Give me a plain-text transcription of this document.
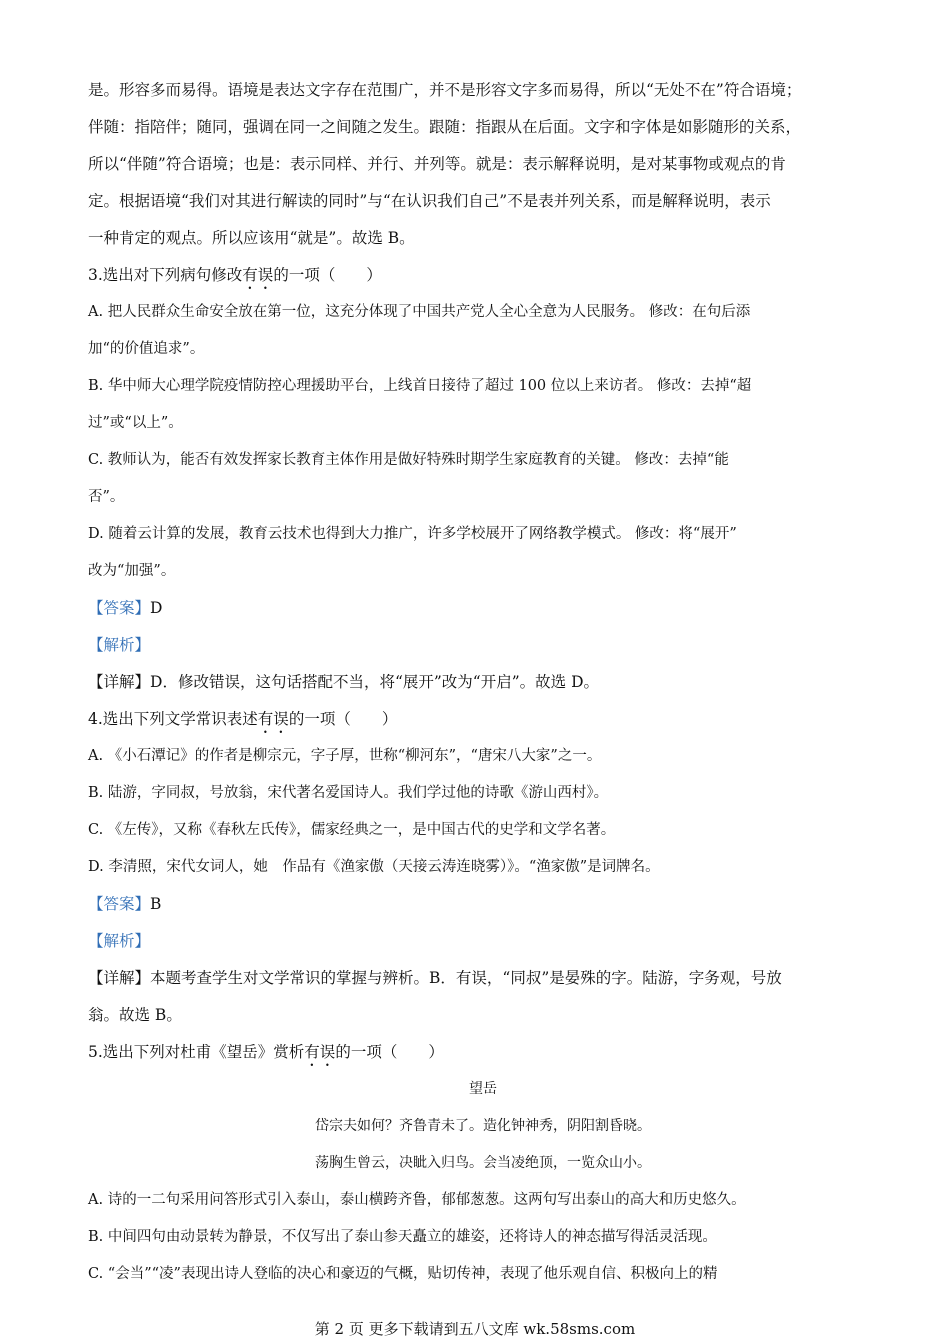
是。形容多而易得。语境是表达文字存在范围广，并不是形容文字多而易得，所以“无处不在”符合语境；
伴随：指陪伴；随同，强调在同一之间随之发生。跟随：指跟从在后面。文字和字体是如影随形的关系，
所以“伴随”符合语境；也是：表示同样、并行、并列等。就是：表示解释说明，是对某事物或观点的肯
定。根据语境“我们对其进行解读的同时”与“在认识我们自己”不是表并列关系，而是解释说明，表示
一种肯定的观点。所以应该用“就是”。故选 B。
3.选出对下列病句修改有误的一项（　　）
A. 把人民群众生命安全放在第一位，这充分体现了中国共产党人全心全意为人民服务。 修改：在句后添
加“的价值追求”。
B. 华中师大心理学院疫情防控心理援助平台，上线首日接待了超过 100 位以上来访者。 修改：去掉“超
过”或“以上”。
C. 教师认为，能否有效发挥家长教育主体作用是做好特殊时期学生家庭教育的关键。 修改：去掉“能
否”。
D. 随着云计算的发展，教育云技术也得到大力推广，许多学校展开了网络教学模式。 修改：将“展开”
改为“加强”。
【答案】D
【解析】
【详解】D．修改错误，这句话搭配不当，将“展开”改为“开启”。故选 D。
4.选出下列文学常识表述有误的一项（　　）
A. 《小石潭记》的作者是柳宗元，字子厚，世称“柳河东”，“唐宋八大家”之一。
B. 陆游，字同叔，号放翁，宋代著名爱国诗人。我们学过他的诗歌《游山西村》。
C. 《左传》，又称《春秋左氏传》，儒家经典之一，是中国古代的史学和文学名著。
D. 李清照，宋代女词人，她　作品有《渔家傲（天接云涛连晓雾）》。“渔家傲”是词牌名。
【答案】B
【解析】
【详解】本题考查学生对文学常识的掌握与辨析。B．有误，“同叔”是晏殊的字。陆游，字务观，号放
翁。故选 B。
5.选出下列对杜甫《望岳》赏析有误的一项（　　）
望岳
岱宗夫如何？齐鲁青未了。造化钟神秀，阴阳割昏晓。
荡胸生曾云，决眦入归鸟。会当凌绝顶，一览众山小。
A. 诗的一二句采用问答形式引入泰山，泰山横跨齐鲁，郁郁葱葱。这两句写出泰山的高大和历史悠久。
B. 中间四句由动景转为静景，不仅写出了泰山参天矗立的雄姿，还将诗人的神态描写得活灵活现。
C. “会当”“凌”表现出诗人登临的决心和豪迈的气概，贴切传神，表现了他乐观自信、积极向上的精
第 2 页 更多下载请到五八文库 wk.58sms.com
